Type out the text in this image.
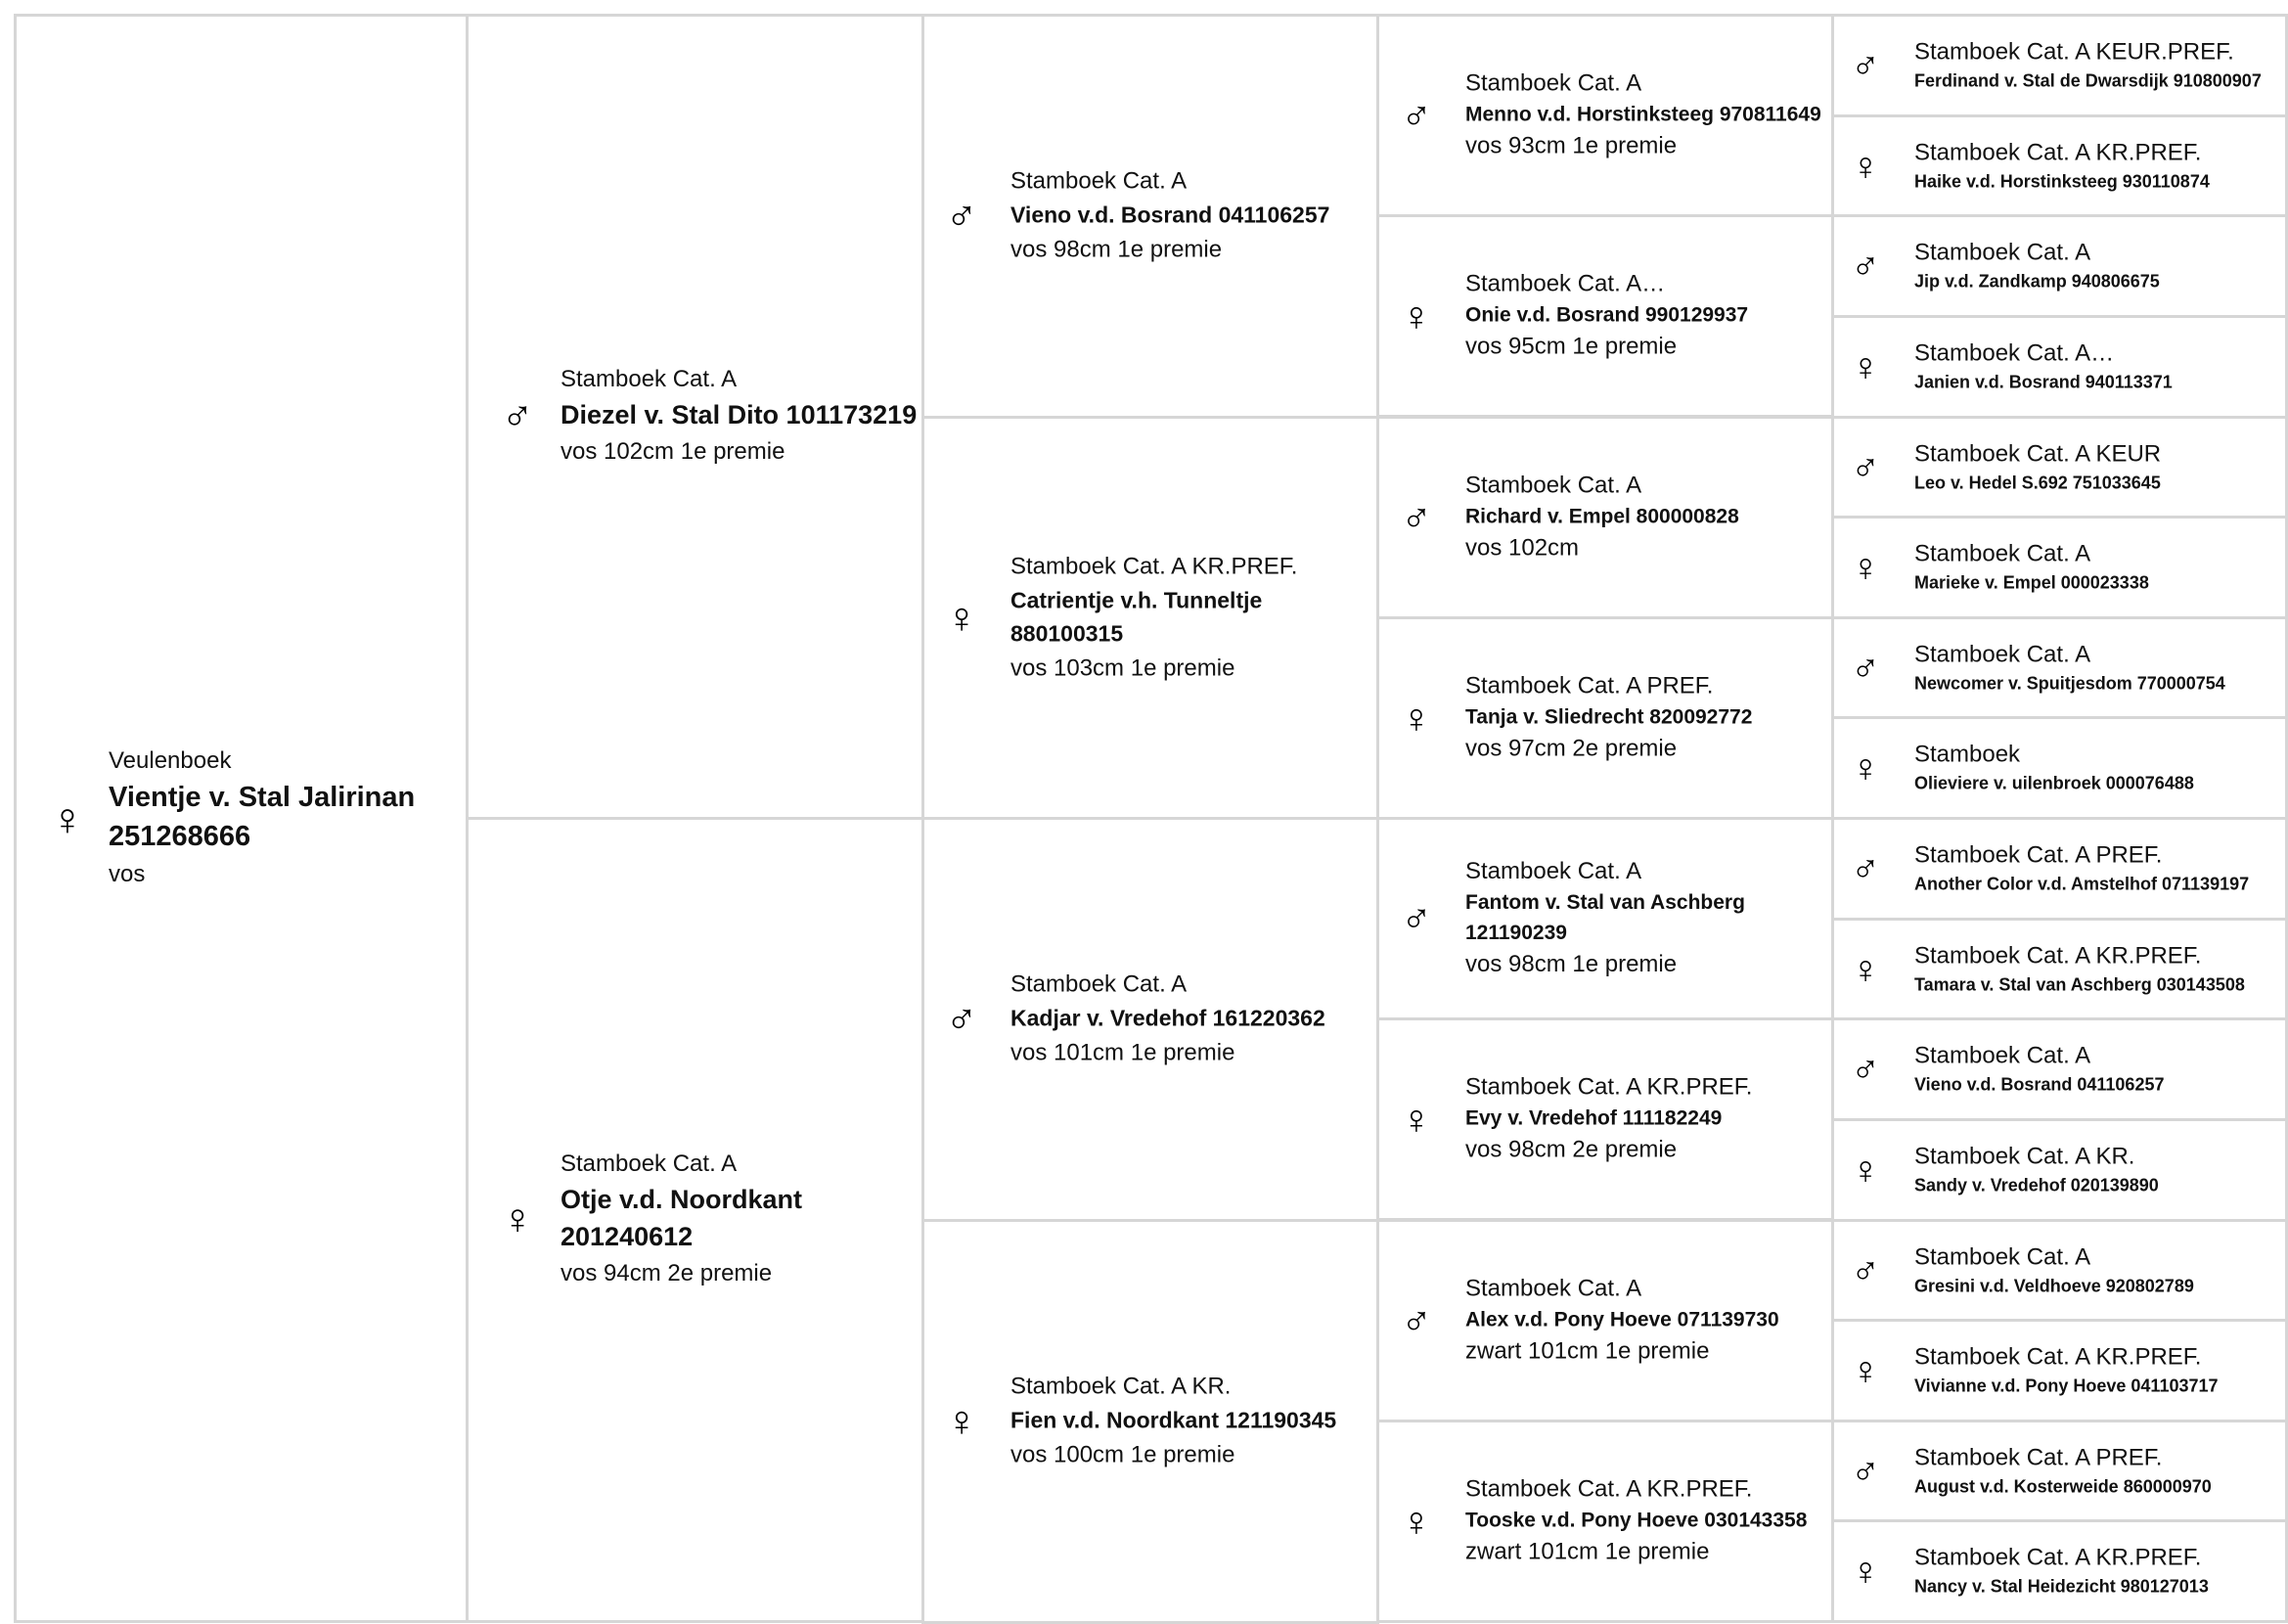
♀
Veulenboek
Vientje v. Stal Jalirinan 251268666
vos
♂
Stamboek Cat. A
Diezel v. Stal Dito 101173219
vos 102cm 1e premie
♀
Stamboek Cat. A
Otje v.d. Noordkant 201240612
vos 94cm 2e premie
♂
Stamboek Cat. A
Vieno v.d. Bosrand 041106257
vos 98cm 1e premie
♀
Stamboek Cat. A KR.PREF.
Catrientje v.h. Tunneltje 880100315
vos 103cm 1e premie
♂
Stamboek Cat. A
Kadjar v. Vredehof 161220362
vos 101cm 1e premie
♀
Stamboek Cat. A KR.
Fien v.d. Noordkant 121190345
vos 100cm 1e premie
♂
Stamboek Cat. A
Menno v.d. Horstinksteeg 970811649
vos 93cm 1e premie
♀
Stamboek Cat. A…
Onie v.d. Bosrand 990129937
vos 95cm 1e premie
♂
Stamboek Cat. A
Richard v. Empel 800000828
vos 102cm
♀
Stamboek Cat. A PREF.
Tanja v. Sliedrecht 820092772
vos 97cm 2e premie
♂
Stamboek Cat. A
Fantom v. Stal van Aschberg 121190239
vos 98cm 1e premie
♀
Stamboek Cat. A KR.PREF.
Evy v. Vredehof 111182249
vos 98cm 2e premie
♂
Stamboek Cat. A
Alex v.d. Pony Hoeve 071139730
zwart 101cm 1e premie
♀
Stamboek Cat. A KR.PREF.
Tooske v.d. Pony Hoeve 030143358
zwart 101cm 1e premie
♂ Stamboek Cat. A KEUR.PREF.
Ferdinand v. Stal de Dwarsdijk 910800907
♀ Stamboek Cat. A KR.PREF.
Haike v.d. Horstinksteeg 930110874
♂ Stamboek Cat. A
Jip v.d. Zandkamp 940806675
♀ Stamboek Cat. A…
Janien v.d. Bosrand 940113371
♂ Stamboek Cat. A KEUR
Leo v. Hedel S.692 751033645
♀ Stamboek Cat. A
Marieke v. Empel 000023338
♂ Stamboek Cat. A
Newcomer v. Spuitjesdom 770000754
♀ Stamboek
Olieviere v. uilenbroek 000076488
♂ Stamboek Cat. A PREF.
Another Color v.d. Amstelhof 071139197
♀ Stamboek Cat. A KR.PREF.
Tamara v. Stal van Aschberg 030143508
♂ Stamboek Cat. A
Vieno v.d. Bosrand 041106257
♀ Stamboek Cat. A KR.
Sandy v. Vredehof 020139890
♂ Stamboek Cat. A
Gresini v.d. Veldhoeve 920802789
♀ Stamboek Cat. A KR.PREF.
Vivianne v.d. Pony Hoeve 041103717
♂ Stamboek Cat. A PREF.
August v.d. Kosterweide 860000970
♀ Stamboek Cat. A KR.PREF.
Nancy v. Stal Heidezicht 980127013
